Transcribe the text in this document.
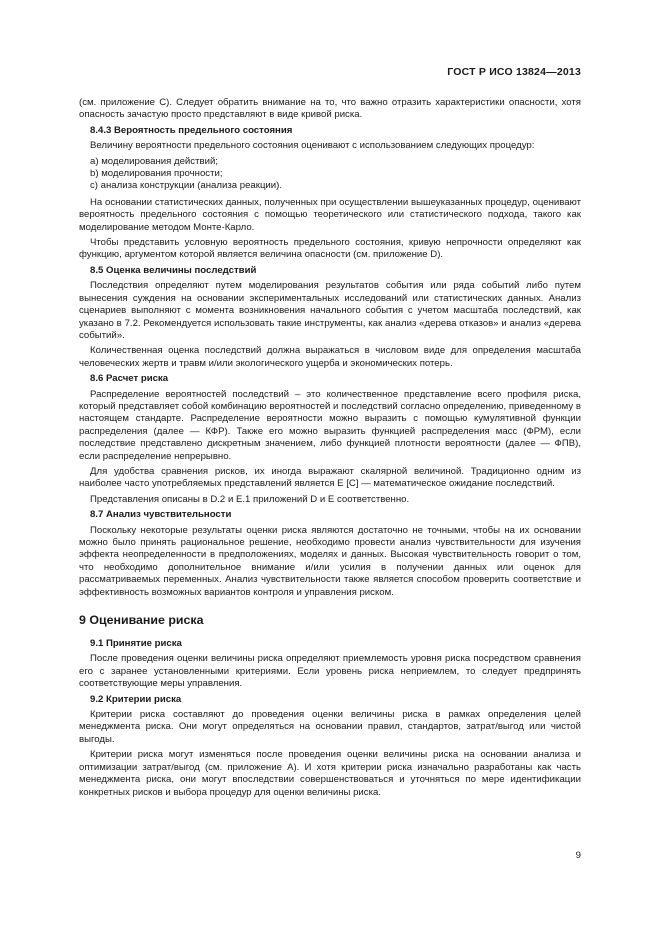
ГОСТ Р ИСО 13824—2013

(см. приложение С). Следует обратить внимание на то, что важно отразить характеристики опасности, хотя опасность зачастую просто представляют в виде кривой риска.

8.4.3 Вероятность предельного состояния

Величину вероятности предельного состояния оценивают с использованием следующих процедур:

а) моделирования действий;

b) моделирования прочности;

с) анализа конструкции (анализа реакции).

На основании статистических данных, полученных при осуществлении вышеуказанных процедур, оценивают вероятность предельного состояния с помощью теоретического или статистического подхода, такого как моделирование методом Монте-Карло.

Чтобы представить условную вероятность предельного состояния, кривую непрочности определяют как функцию, аргументом которой является величина опасности (см. приложение D).

8.5 Оценка величины последствий

Последствия определяют путем моделирования результатов события или ряда событий либо путем вынесения суждения на основании экспериментальных исследований или статистических данных. Анализ сценариев выполняют с момента возникновения начального события с учетом масштаба последствий, как указано в 7.2. Рекомендуется использовать такие инструменты, как анализ «дерева отказов» и анализ «дерева событий».

Количественная оценка последствий должна выражаться в числовом виде для определения масштаба человеческих жертв и травм и/или экологического ущерба и экономических потерь.

8.6 Расчет риска

Распределение вероятностей последствий – это количественное представление всего профиля риска, который представляет собой комбинацию вероятностей и последствий согласно определению, приведенному в настоящем стандарте. Распределение вероятности можно выразить с помощью кумулятивной функции распределения (далее — КФР). Также его можно выразить функцией распределения масс (ФРМ), если последствие представлено дискретным значением, либо функцией плотности вероятности (далее — ФПВ), если распределение непрерывно.

Для удобства сравнения рисков, их иногда выражают скалярной величиной. Традиционно одним из наиболее часто употребляемых представлений является Е [С] — математическое ожидание последствий.

Представления описаны в D.2 и Е.1 приложений D и Е соответственно.

8.7 Анализ чувствительности

Поскольку некоторые результаты оценки риска являются достаточно не точными, чтобы на их основании можно было принять рациональное решение, необходимо провести анализ чувствительности для изучения эффекта неопределенности в предположениях, моделях и данных. Высокая чувствительность говорит о том, что необходимо дополнительное внимание и/или усилия в получении данных или оценок для рассматриваемых переменных. Анализ чувствительности также является способом проверить соответствие и эффективность возможных вариантов контроля и управления риском.

9 Оценивание риска
9.1 Принятие риска

После проведения оценки величины риска определяют приемлемость уровня риска посредством сравнения его с заранее установленными критериями. Если уровень риска неприемлем, то следует предпринять соответствующие меры управления.

9.2 Критерии риска

Критерии риска составляют до проведения оценки величины риска в рамках определения целей менеджмента риска. Они могут определяться на основании правил, стандартов, затрат/выгод или чистой выгоды.

Критерии риска могут изменяться после проведения оценки величины риска на основании анализа и оптимизации затрат/выгод (см. приложение А). И хотя критерии риска изначально разработаны как часть менеджмента риска, они могут впоследствии совершенствоваться и уточняться по мере идентификации конкретных рисков и выбора процедур для оценки величины риска.

9
